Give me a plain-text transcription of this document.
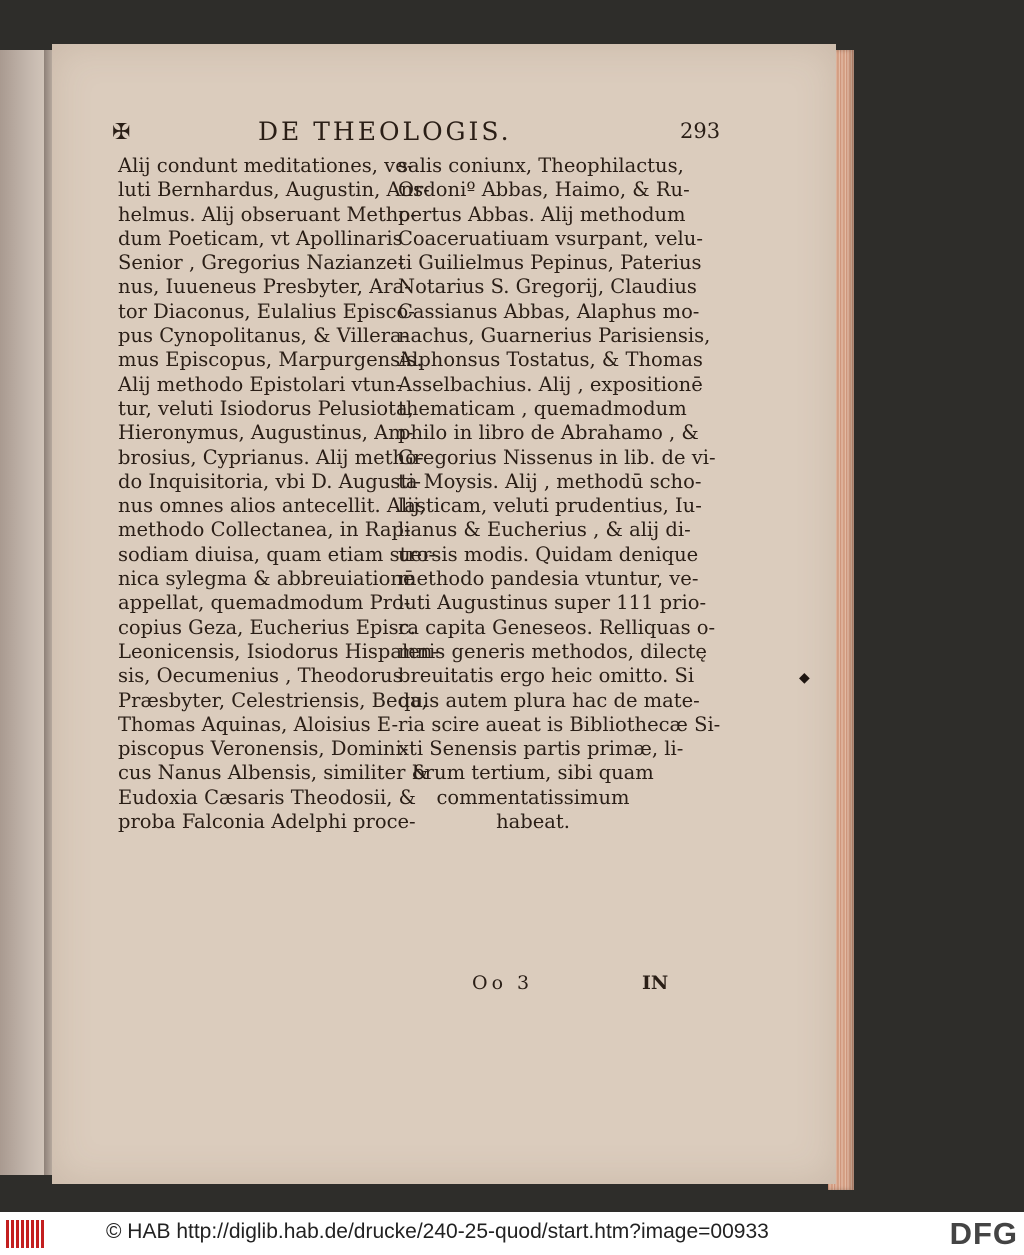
✠	DE THEOLOGIS.	293
Alij condunt meditationes, ve-
luti Bernhardus, Augustin, Ans-
helmus. Alij obseruant Metho-
dum Poeticam, vt Apollinaris
Senior , Gregorius Nazianze-
nus, Iuueneus Presbyter, Ara-
tor Diaconus, Eulalius Episco-
pus Cynopolitanus, & Villera-
mus Episcopus, Marpurgensis.
Alij methodo Epistolari vtun-
tur, veluti Isiodorus Pelusiota,
Hieronymus, Augustinus, Am-
brosius, Cyprianus. Alij metho-
do Inquisitoria, vbi D. Augusti-
nus omnes alios antecellit. Alij,
methodo Collectanea, in Rap-
sodiam diuisa, quam etiam stro-
nica sylegma & abbreuiationē
appellat, quemadmodum Pro-
copius Geza, Eucherius Episc.
Leonicensis, Isiodorus Hispalen-
sis, Oecumenius , Theodorus
Præsbyter, Celestriensis, Beda,
Thomas Aquinas, Aloisius E-
piscopus Veronensis, Domini-
cus Nanus Albensis, similiter &
Eudoxia Cæsaris Theodosii, &
proba Falconia Adelphi proce-
salis coniunx, Theophilactus,
Ordoniº Abbas, Haimo, & Ru-
pertus Abbas. Alij methodum
Coaceruatiuam vsurpant, velu-
ti Guilielmus Pepinus, Paterius
Notarius S. Gregorij, Claudius
Cassianus Abbas, Alaphus mo-
nachus, Guarnerius Parisiensis,
Alphonsus Tostatus, & Thomas
Asselbachius. Alij , expositionē
thematicam , quemadmodum
philo in libro de Abrahamo , &
Gregorius Nissenus in lib. de vi-
ta Moysis. Alij , methodū scho-
lasticam, veluti prudentius, Iu-
lianus & Eucherius , & alij di-
uersis modis. Quidam denique
methodo pandesia vtuntur, ve-
luti Augustinus super 111 prio-
ra capita Geneseos. Relliquas o-
mnis generis methodos, dilectę
breuitatis ergo heic omitto. Si
quis autem plura hac de mate-
ria scire aueat is Bibliothecæ Si-
xti Senensis partis primæ, li-
brum tertium, sibi quam
commentatissimum
habeat.
Oo 3	IN
◆
© HAB http://diglib.hab.de/drucke/240-25-quod/start.htm?image=00933	DFG
